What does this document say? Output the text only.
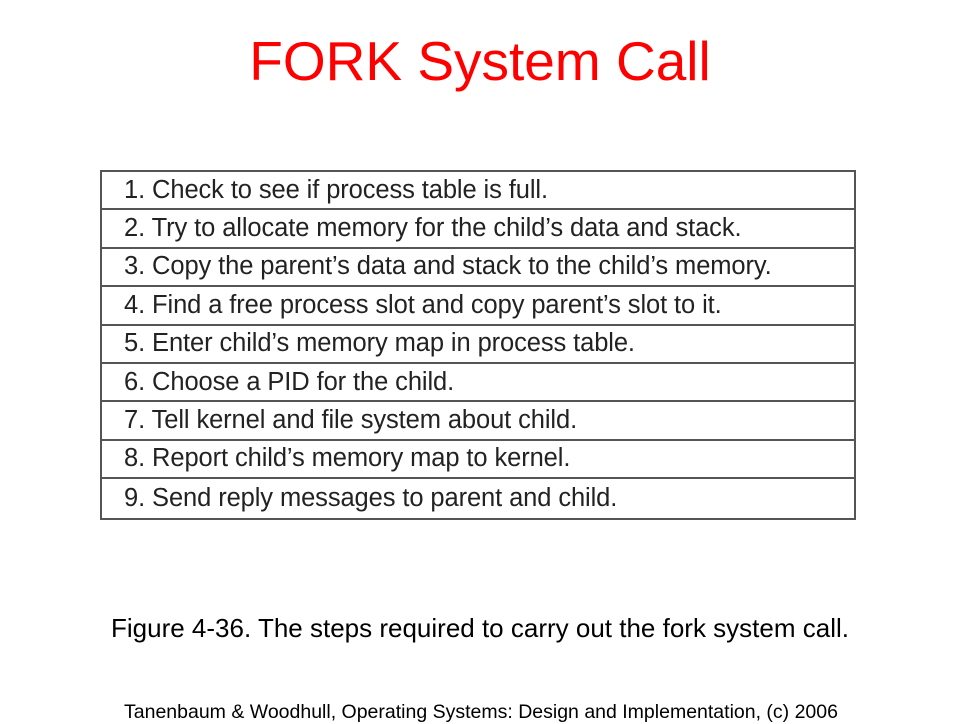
FORK System Call
1. Check to see if process table is full.
2. Try to allocate memory for the child’s data and stack.
3. Copy the parent’s data and stack to the child’s memory.
4. Find a free process slot and copy parent’s slot to it.
5. Enter child’s memory map in process table.
6. Choose a PID for the child.
7. Tell kernel and file system about child.
8. Report child’s memory map to kernel.
9. Send reply messages to parent and child.
Figure 4-36. The steps required to carry out the fork system call.
Tanenbaum & Woodhull, Operating Systems: Design and Implementation, (c) 2006
